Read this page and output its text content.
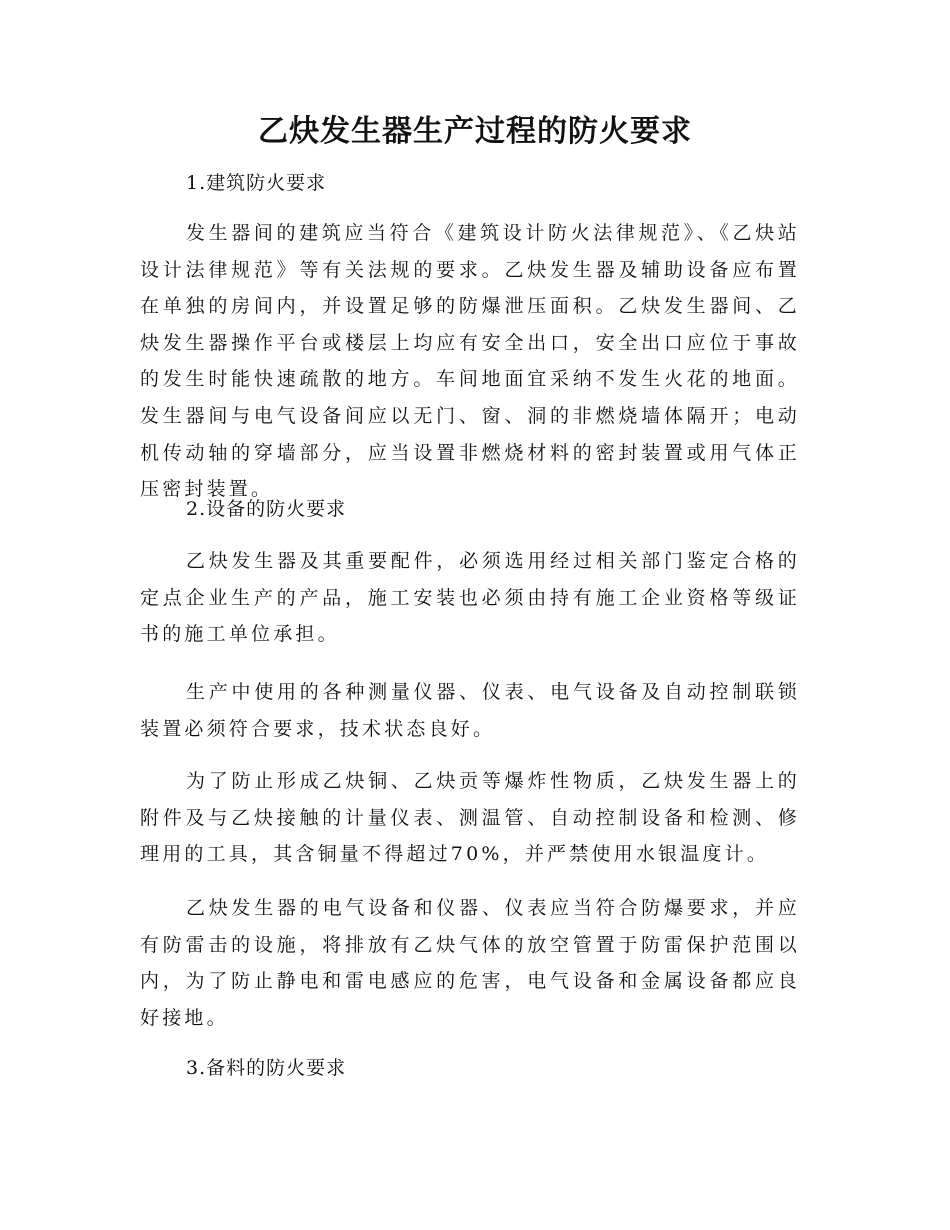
乙炔发生器生产过程的防火要求
1.建筑防火要求
发生器间的建筑应当符合《建筑设计防火法律规范》、《乙炔站设计法律规范》等有关法规的要求。乙炔发生器及辅助设备应布置在单独的房间内，并设置足够的防爆泄压面积。乙炔发生器间、乙炔发生器操作平台或楼层上均应有安全出口，安全出口应位于事故的发生时能快速疏散的地方。车间地面宜采纳不发生火花的地面。发生器间与电气设备间应以无门、窗、洞的非燃烧墙体隔开；电动机传动轴的穿墙部分，应当设置非燃烧材料的密封装置或用气体正压密封装置。
2.设备的防火要求
乙炔发生器及其重要配件，必须选用经过相关部门鉴定合格的定点企业生产的产品，施工安装也必须由持有施工企业资格等级证书的施工单位承担。
生产中使用的各种测量仪器、仪表、电气设备及自动控制联锁装置必须符合要求，技术状态良好。
为了防止形成乙炔铜、乙炔贡等爆炸性物质，乙炔发生器上的附件及与乙炔接触的计量仪表、测温管、自动控制设备和检测、修理用的工具，其含铜量不得超过70%，并严禁使用水银温度计。
乙炔发生器的电气设备和仪器、仪表应当符合防爆要求，并应有防雷击的设施，将排放有乙炔气体的放空管置于防雷保护范围以内，为了防止静电和雷电感应的危害，电气设备和金属设备都应良好接地。
3.备料的防火要求
